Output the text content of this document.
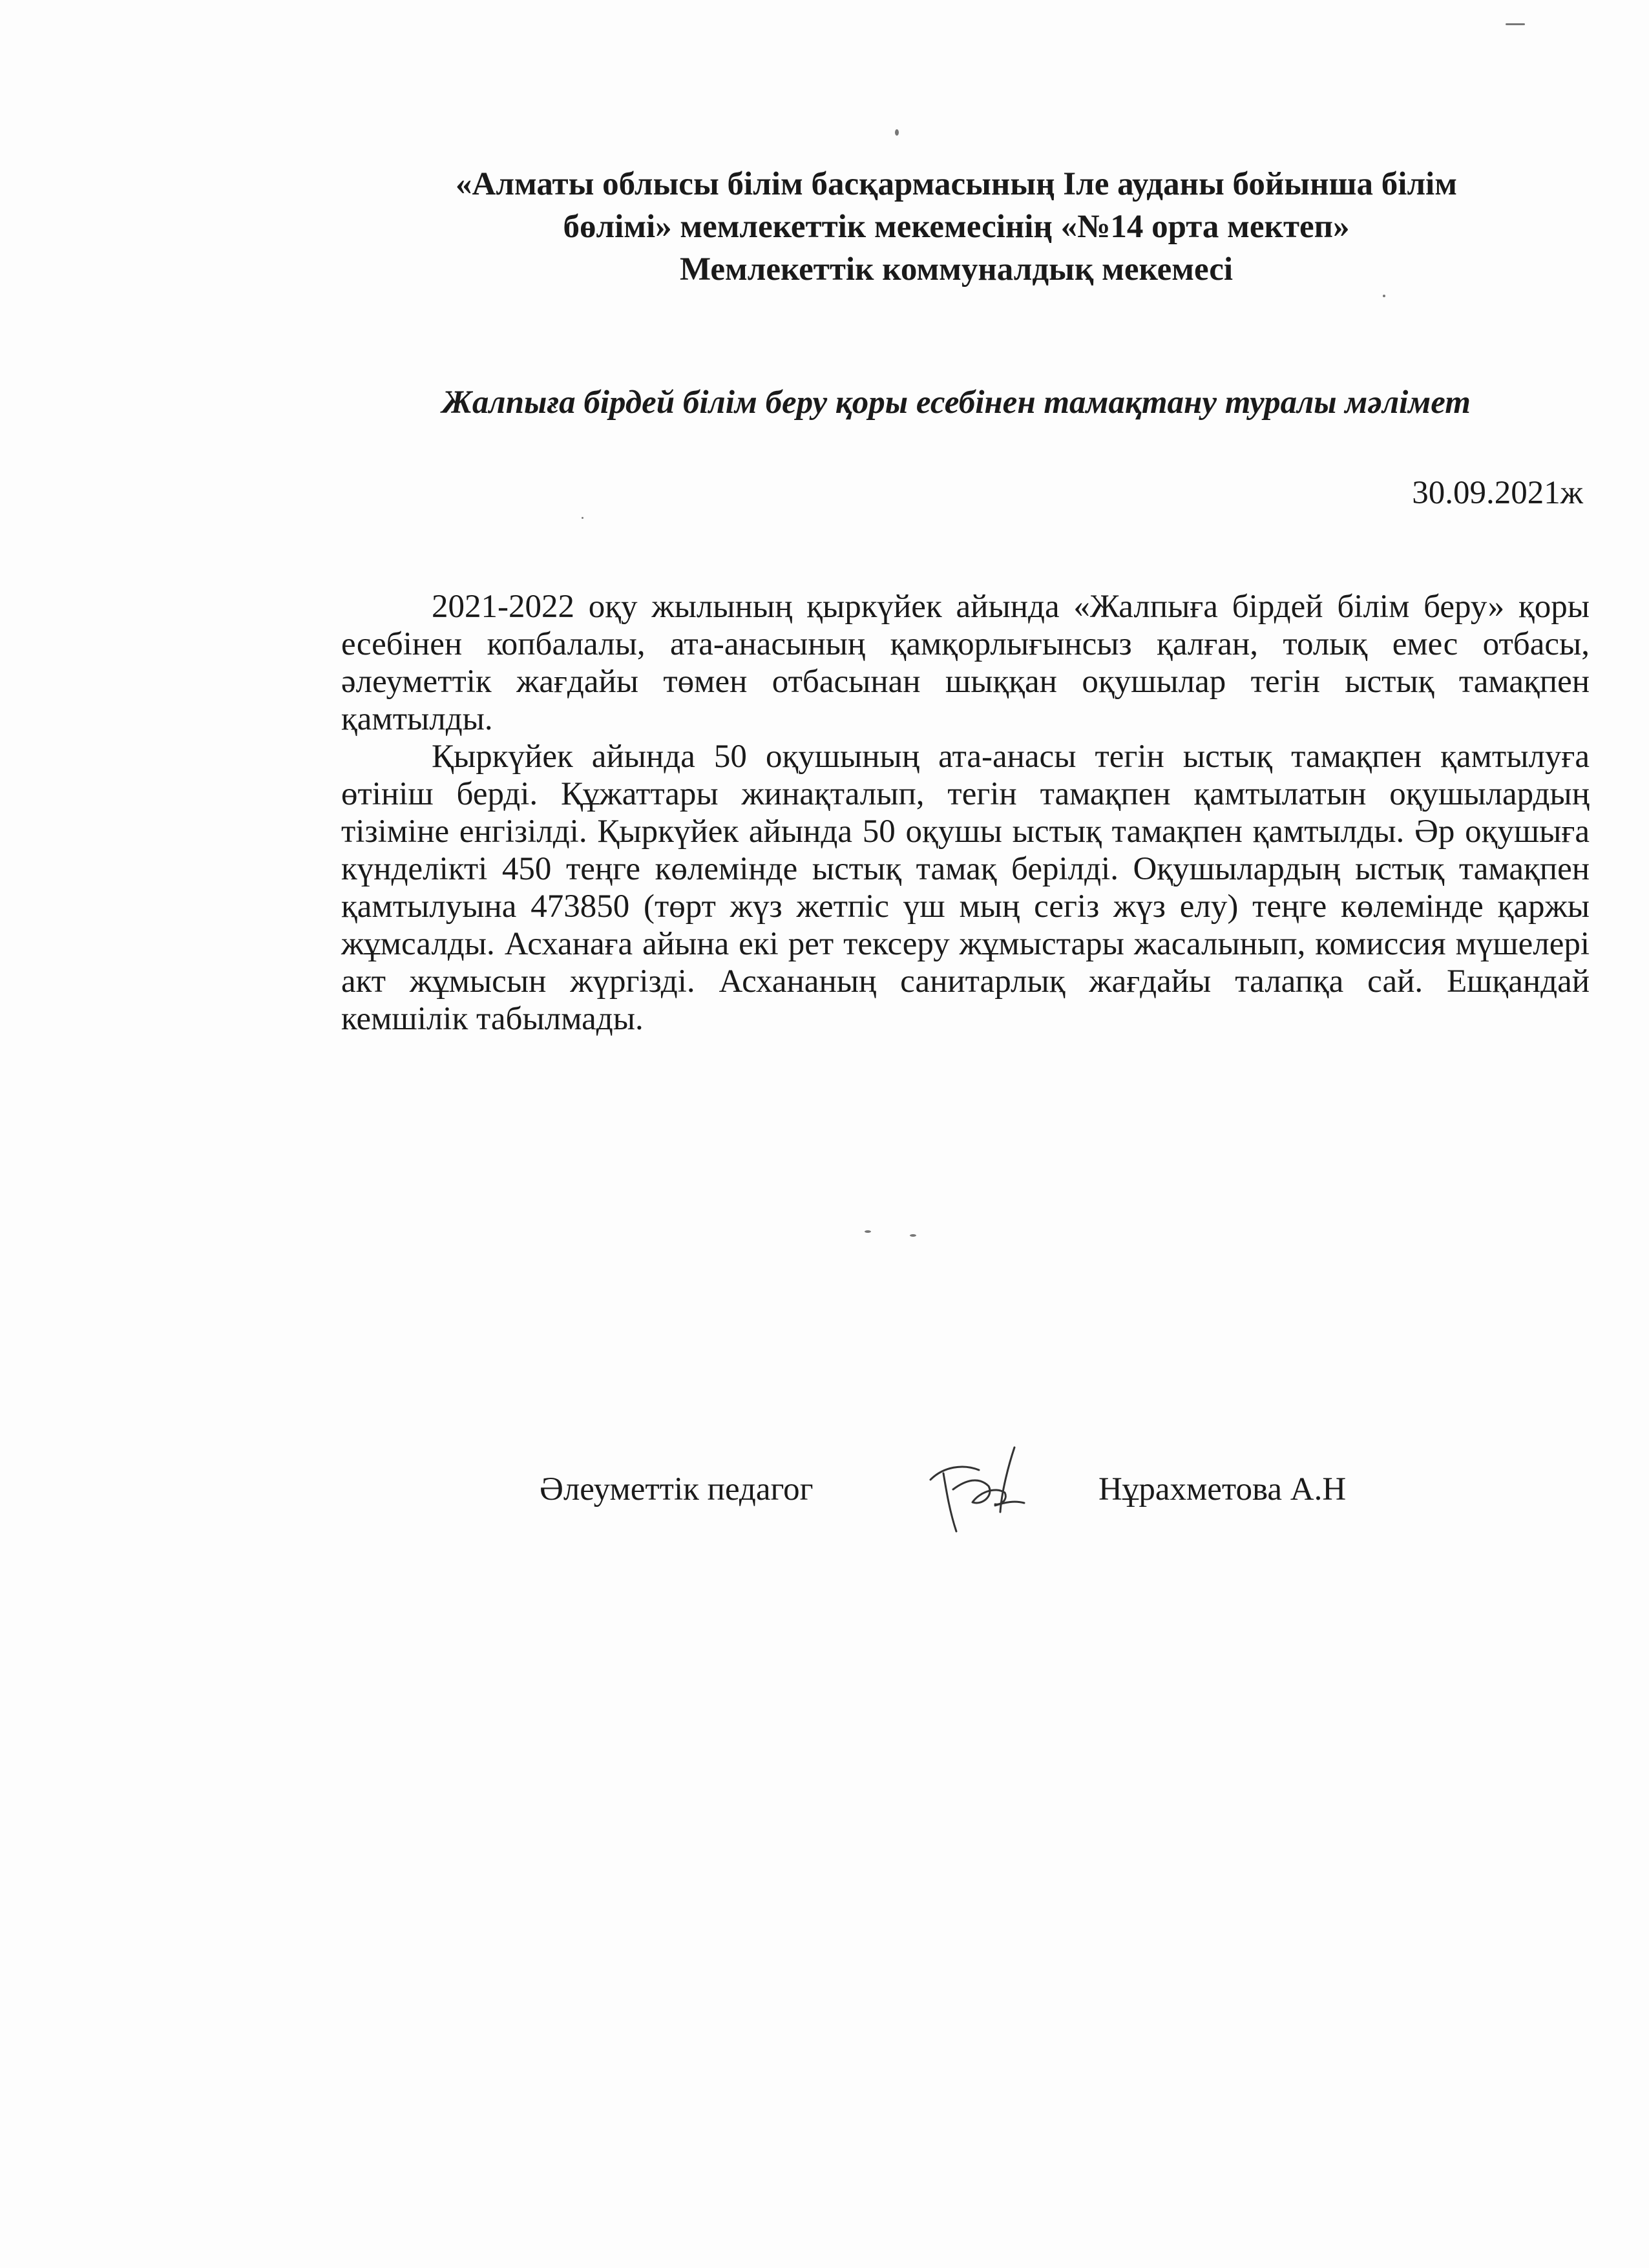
«Алматы облысы білім басқармасының Іле ауданы бойынша білім
бөлімі» мемлекеттік мекемесінің «№14 орта мектеп»
Мемлекеттік коммуналдық мекемесі
Жалпыға бірдей білім беру қоры есебінен тамақтану туралы мәлімет
30.09.2021ж

2021-2022 оқу жылының қыркүйек айында «Жалпыға бірдей білім беру» қоры есебінен копбалалы, ата-анасының қамқорлығынсыз қалған, толық емес отбасы, әлеуметтік жағдайы төмен отбасынан шыққан оқушылар тегін ыстық тамақпен қамтылды.

Қыркүйек айында 50 оқушының ата-анасы тегін ыстық тамақпен қамтылуға өтініш берді. Құжаттары жинақталып, тегін тамақпен қамтылатын оқушылардың тізіміне енгізілді. Қыркүйек айында 50 оқушы ыстық тамақпен қамтылды. Әр оқушыға күнделікті 450 теңге көлемінде ыстық тамақ берілді. Оқушылардың ыстық тамақпен қамтылуына 473850 (төрт жүз жетпіс үш мың сегіз жүз елу) теңге көлемінде қаржы жұмсалды. Асханаға айына екі рет тексеру жұмыстары жасалынып, комиссия мүшелері акт жұмысын жүргізді. Асхананың санитарлық жағдайы талапқа сай. Ешқандай кемшілік табылмады.

Әлеуметтік педагог	Нұрахметова А.Н
